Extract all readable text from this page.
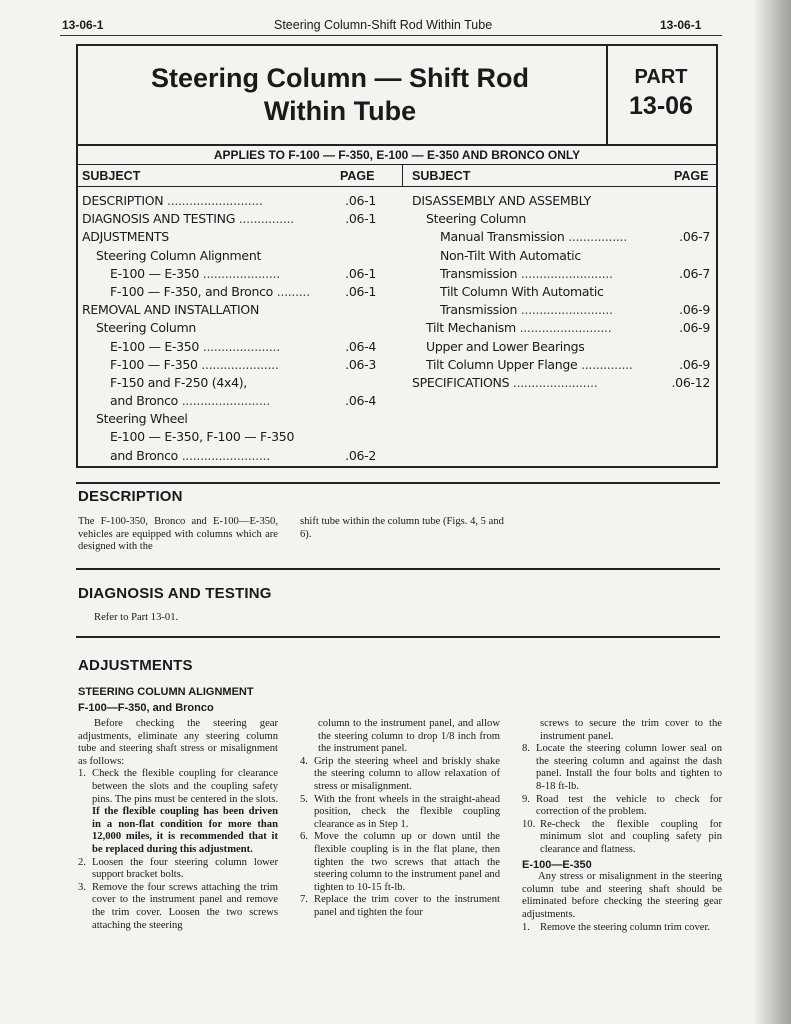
13-06-1	Steering Column-Shift Rod Within Tube	13-06-1
Steering Column — Shift Rod
Within Tube
PART
13-06
APPLIES TO F-100 — F-350, E-100 — E-350 AND BRONCO ONLY
SUBJECT	PAGE	SUBJECT	PAGE
DESCRIPTION ..........................	.06-1
DIAGNOSIS AND TESTING ...............	.06-1
ADJUSTMENTS
Steering Column Alignment
E-100 — E-350 .....................	.06-1
F-100 — F-350, and Bronco .........	.06-1
REMOVAL AND INSTALLATION
Steering Column
E-100 — E-350 .....................	.06-4
F-100 — F-350 .....................	.06-3
F-150 and F-250 (4x4),
and Bronco ........................	.06-4
Steering Wheel
E-100 — E-350, F-100 — F-350
and Bronco ........................	.06-2
DISASSEMBLY AND ASSEMBLY
Steering Column
Manual Transmission ................	.06-7
Non-Tilt With Automatic
Transmission .........................	.06-7
Tilt Column With Automatic
Transmission .........................	.06-9
Tilt Mechanism .........................	.06-9
Upper and Lower Bearings
Tilt Column Upper Flange ..............	.06-9
SPECIFICATIONS .......................	.06-12
DESCRIPTION
The F-100-350, Bronco and E-100—E-350, vehicles are equipped with columns which are designed with the
shift tube within the column tube (Figs. 4, 5 and 6).
DIAGNOSIS AND TESTING
Refer to Part 13-01.
ADJUSTMENTS
STEERING COLUMN ALIGNMENT
F-100—F-350, and Bronco

Before checking the steering gear adjustments, eliminate any steering column tube and steering shaft stress or misalignment as follows:

1. Check the flexible coupling for clearance between the slots and the coupling safety pins. The pins must be centered in the slots. If the flexible coupling has been driven in a non-flat condition for more than 12,000 miles, it is recommended that it be replaced during this adjustment.
2. Loosen the four steering column lower support bracket bolts.
3. Remove the four screws attaching the trim cover to the instrument panel and remove the trim cover. Loosen the two screws attaching the steering

column to the instrument panel, and allow the steering column to drop 1/8 inch from the instrument panel.

4. Grip the steering wheel and briskly shake the steering column to allow relaxation of stress or misalignment.
5. With the front wheels in the straight-ahead position, check the flexible coupling clearance as in Step 1.
6. Move the column up or down until the flexible coupling is in the flat plane, then tighten the two screws that attach the steering column to the instrument panel and tighten to 10-15 ft-lb.
7. Replace the trim cover to the instrument panel and tighten the four

screws to secure the trim cover to the instrument panel.

8. Locate the steering column lower seal on the steering column and against the dash panel. Install the four bolts and tighten to 8-18 ft-lb.
9. Road test the vehicle to check for correction of the problem.
10. Re-check the flexible coupling for minimum slot and coupling safety pin clearance and flatness.
E-100—E-350

Any stress or misalignment in the steering column tube and steering shaft should be eliminated before checking the steering gear adjustments.

1. Remove the steering column trim cover.
